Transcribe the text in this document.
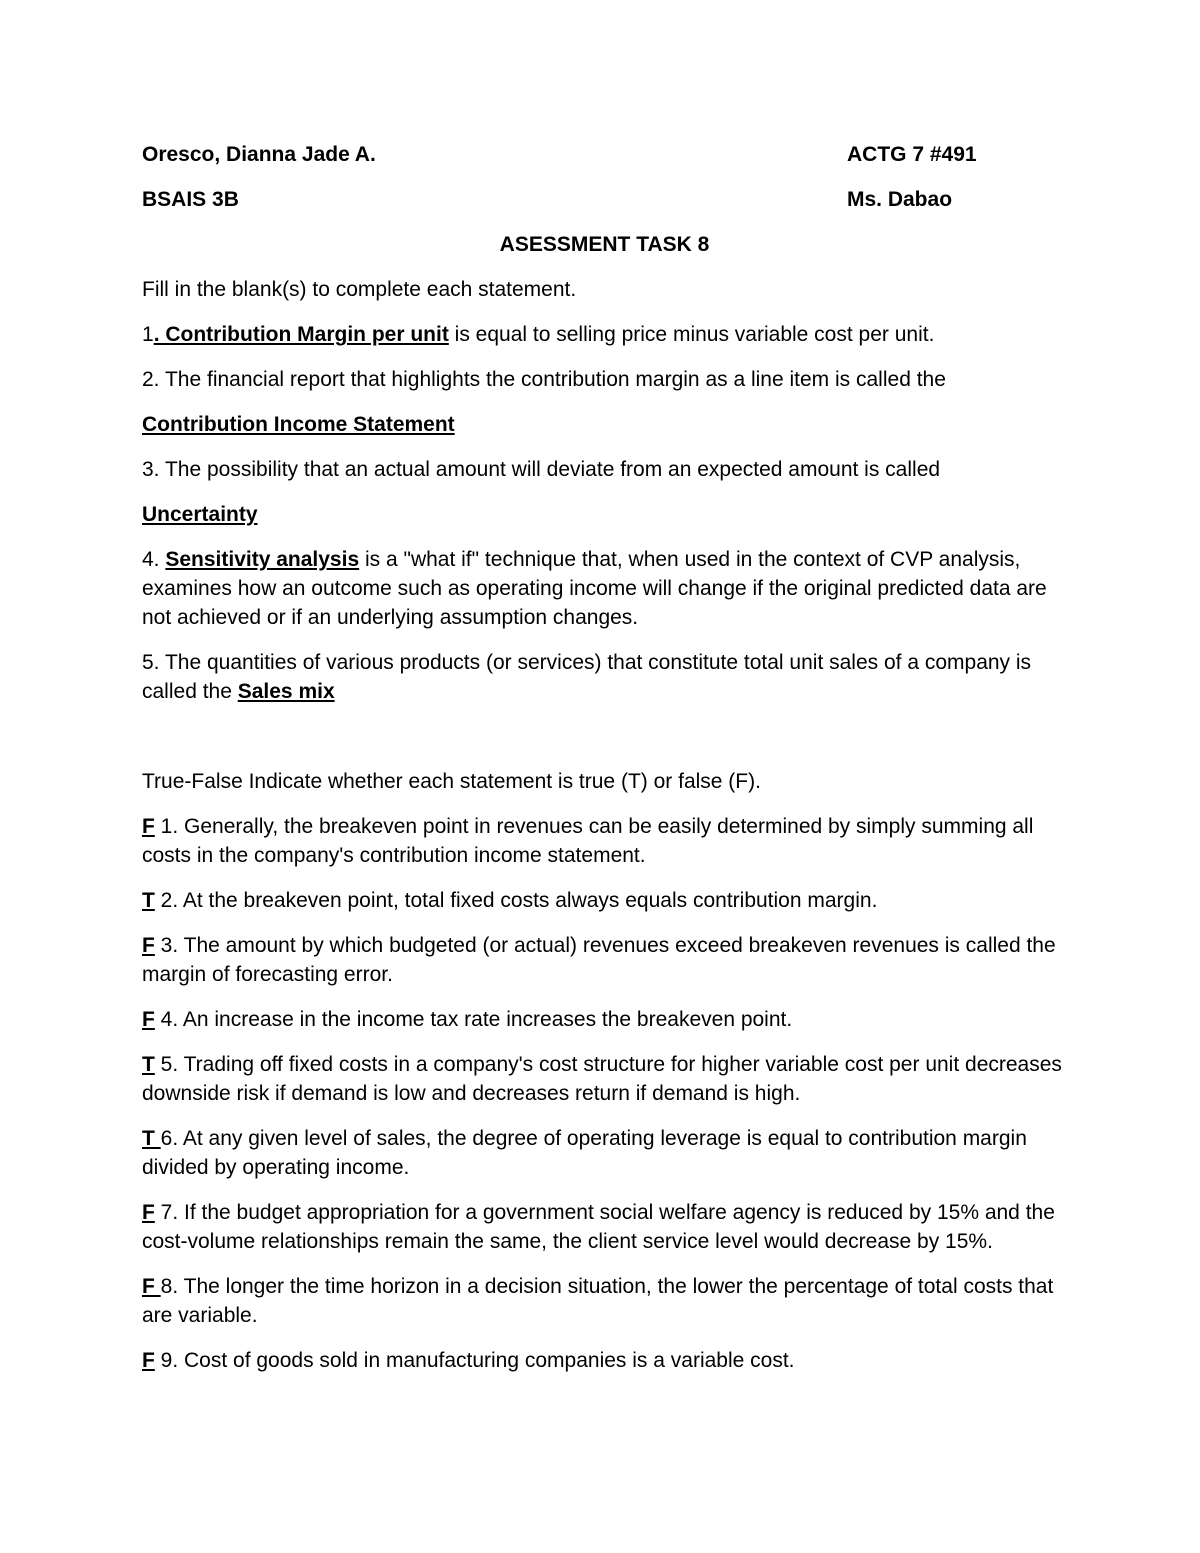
Oresco, Dianna Jade A.	ACTG 7 #491
BSAIS 3B	Ms. Dabao
ASESSMENT TASK 8

Fill in the blank(s) to complete each statement.

1. Contribution Margin per unit is equal to selling price minus variable cost per unit.

2. The financial report that highlights the contribution margin as a line item is called the

Contribution Income Statement

3. The possibility that an actual amount will deviate from an expected amount is called

Uncertainty

4. Sensitivity analysis is a "what if" technique that, when used in the context of CVP analysis, examines how an outcome such as operating income will change if the original predicted data are not achieved or if an underlying assumption changes.

5. The quantities of various products (or services) that constitute total unit sales of a company is called the Sales mix

True-False Indicate whether each statement is true (T) or false (F).

F 1. Generally, the breakeven point in revenues can be easily determined by simply summing all costs in the company's contribution income statement.

T 2. At the breakeven point, total fixed costs always equals contribution margin.

F 3. The amount by which budgeted (or actual) revenues exceed breakeven revenues is called the margin of forecasting error.

F 4. An increase in the income tax rate increases the breakeven point.

T 5. Trading off fixed costs in a company's cost structure for higher variable cost per unit decreases downside risk if demand is low and decreases return if demand is high.

T 6. At any given level of sales, the degree of operating leverage is equal to contribution margin divided by operating income.

F 7. If the budget appropriation for a government social welfare agency is reduced by 15% and the cost-volume relationships remain the same, the client service level would decrease by 15%.

F 8. The longer the time horizon in a decision situation, the lower the percentage of total costs that are variable.

F 9. Cost of goods sold in manufacturing companies is a variable cost.
